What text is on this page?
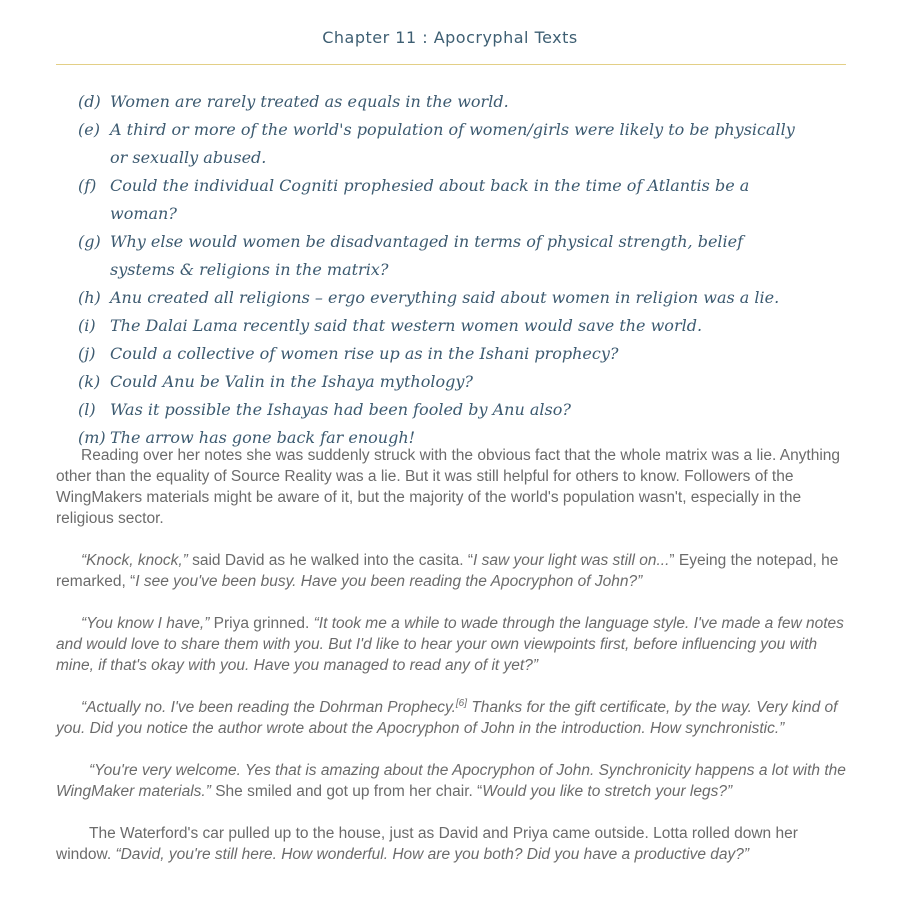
Chapter 11 : Apocryphal Texts
(d) Women are rarely treated as equals in the world.
(e) A third or more of the world's population of women/girls were likely to be physically or sexually abused.
(f) Could the individual Cogniti prophesied about back in the time of Atlantis be a woman?
(g) Why else would women be disadvantaged in terms of physical strength, belief systems & religions in the matrix?
(h) Anu created all religions – ergo everything said about women in religion was a lie.
(i) The Dalai Lama recently said that western women would save the world.
(j) Could a collective of women rise up as in the Ishani prophecy?
(k) Could Anu be Valin in the Ishaya mythology?
(l) Was it possible the Ishayas had been fooled by Anu also?
(m) The arrow has gone back far enough!

Reading over her notes she was suddenly struck with the obvious fact that the whole matrix was a lie. Anything other than the equality of Source Reality was a lie. But it was still helpful for others to know. Followers of the WingMakers materials might be aware of it, but the majority of the world's population wasn't, especially in the religious sector.

“Knock, knock,” said David as he walked into the casita. “I saw your light was still on...” Eyeing the notepad, he remarked, “I see you've been busy. Have you been reading the Apocryphon of John?”

“You know I have,” Priya grinned. “It took me a while to wade through the language style. I've made a few notes and would love to share them with you. But I'd like to hear your own viewpoints first, before influencing you with mine, if that's okay with you. Have you managed to read any of it yet?”

“Actually no. I've been reading the Dohrman Prophecy.[6] Thanks for the gift certificate, by the way. Very kind of you. Did you notice the author wrote about the Apocryphon of John in the introduction. How synchronistic.”

“You're very welcome. Yes that is amazing about the Apocryphon of John. Synchronicity happens a lot with the WingMaker materials.” She smiled and got up from her chair. “Would you like to stretch your legs?”

The Waterford's car pulled up to the house, just as David and Priya came outside. Lotta rolled down her window. “David, you're still here. How wonderful. How are you both? Did you have a productive day?”
